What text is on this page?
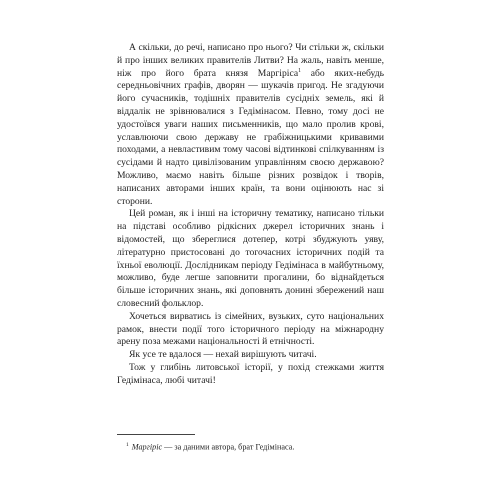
А скільки, до речі, написано про нього? Чи стільки ж, скільки й про інших великих правителів Литви? На жаль, навіть менше, ніж про його брата князя Маргіріса$^1$ або яких-небудь середньовічних графів, дворян — шукачів пригод. Не згадуючи його сучасників, тодішніх правителів сусідніх земель, які й віддалік не зрівнювалися з Гедімінасом. Певно, тому досі не удостоївся уваги наших письменників, що мало пролив крові, уславлюючи свою державу не грабіжницькими кривавими походами, а невластивим тому часові відтинкові спілкуванням із сусідами й надто цивілізованим управлінням своєю державою? Можливо, маємо навіть більше різних розвідок і творів, написаних авторами інших країн, та вони оцінюють нас зі сторони.

Цей роман, як і інші на історичну тематику, написано тільки на підставі особливо рідкісних джерел історичних знань і відомостей, що збереглися дотепер, котрі збуджують уяву, літературно пристосовані до тогочасних історичних подій та їхньої еволюції. Дослідникам періоду Гедімінаса в майбутньому, можливо, буде легше заповнити прогалини, бо віднайдеться більше історичних знань, які доповнять донині збережений наш словесний фольклор.

Хочеться вирватись із сімейних, вузьких, суто національних рамок, внести події того історичного періоду на міжнародну арену поза межами національності й етнічності.

Як усе те вдалося — нехай вирішують читачі.

Тож у глибінь литовської історії, у похід стежками життя Гедімінаса, любі читачі!

$^1$ Маргіріс — за даними автора, брат Гедімінаса.
